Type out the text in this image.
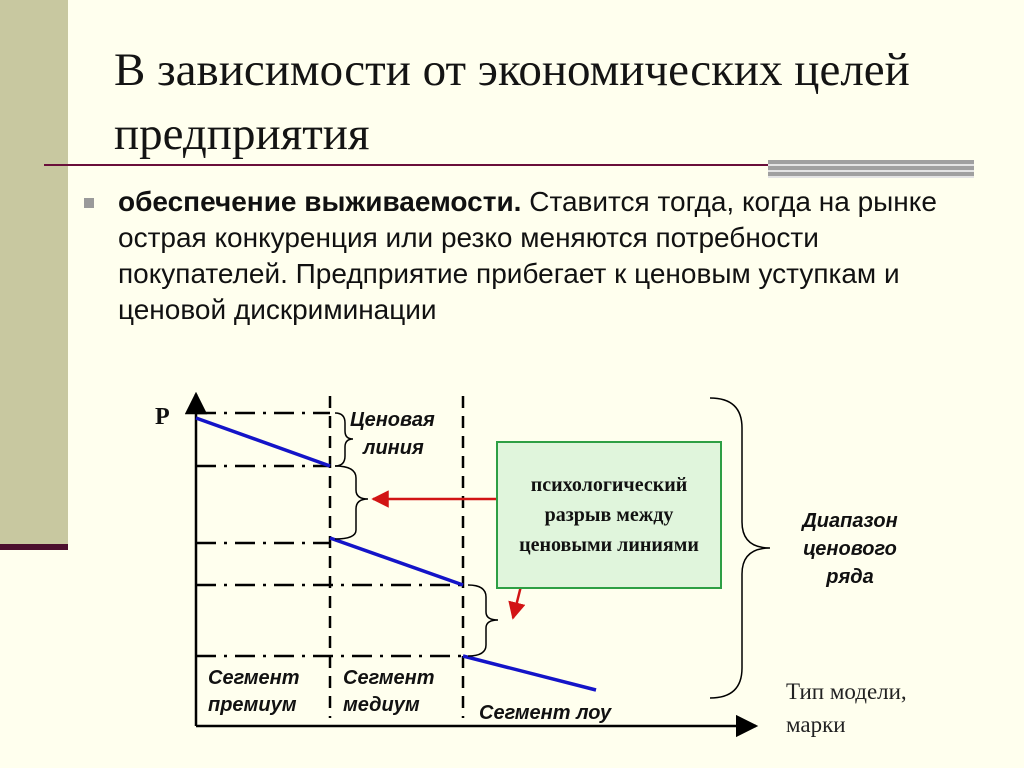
В зависимости от экономических целей предприятия
обеспечение выживаемости. Ставится тогда, когда на рынке острая конкуренция или резко меняются потребности покупателей. Предприятие прибегает к ценовым уступкам и ценовой дискриминации
P	Ценовая
линия
Диапазон
ценового
ряда
Сегмент
премиум
Сегмент
медиум	Сегмент лоу
Тип модели,
марки
психологический разрыв между ценовыми линиями
